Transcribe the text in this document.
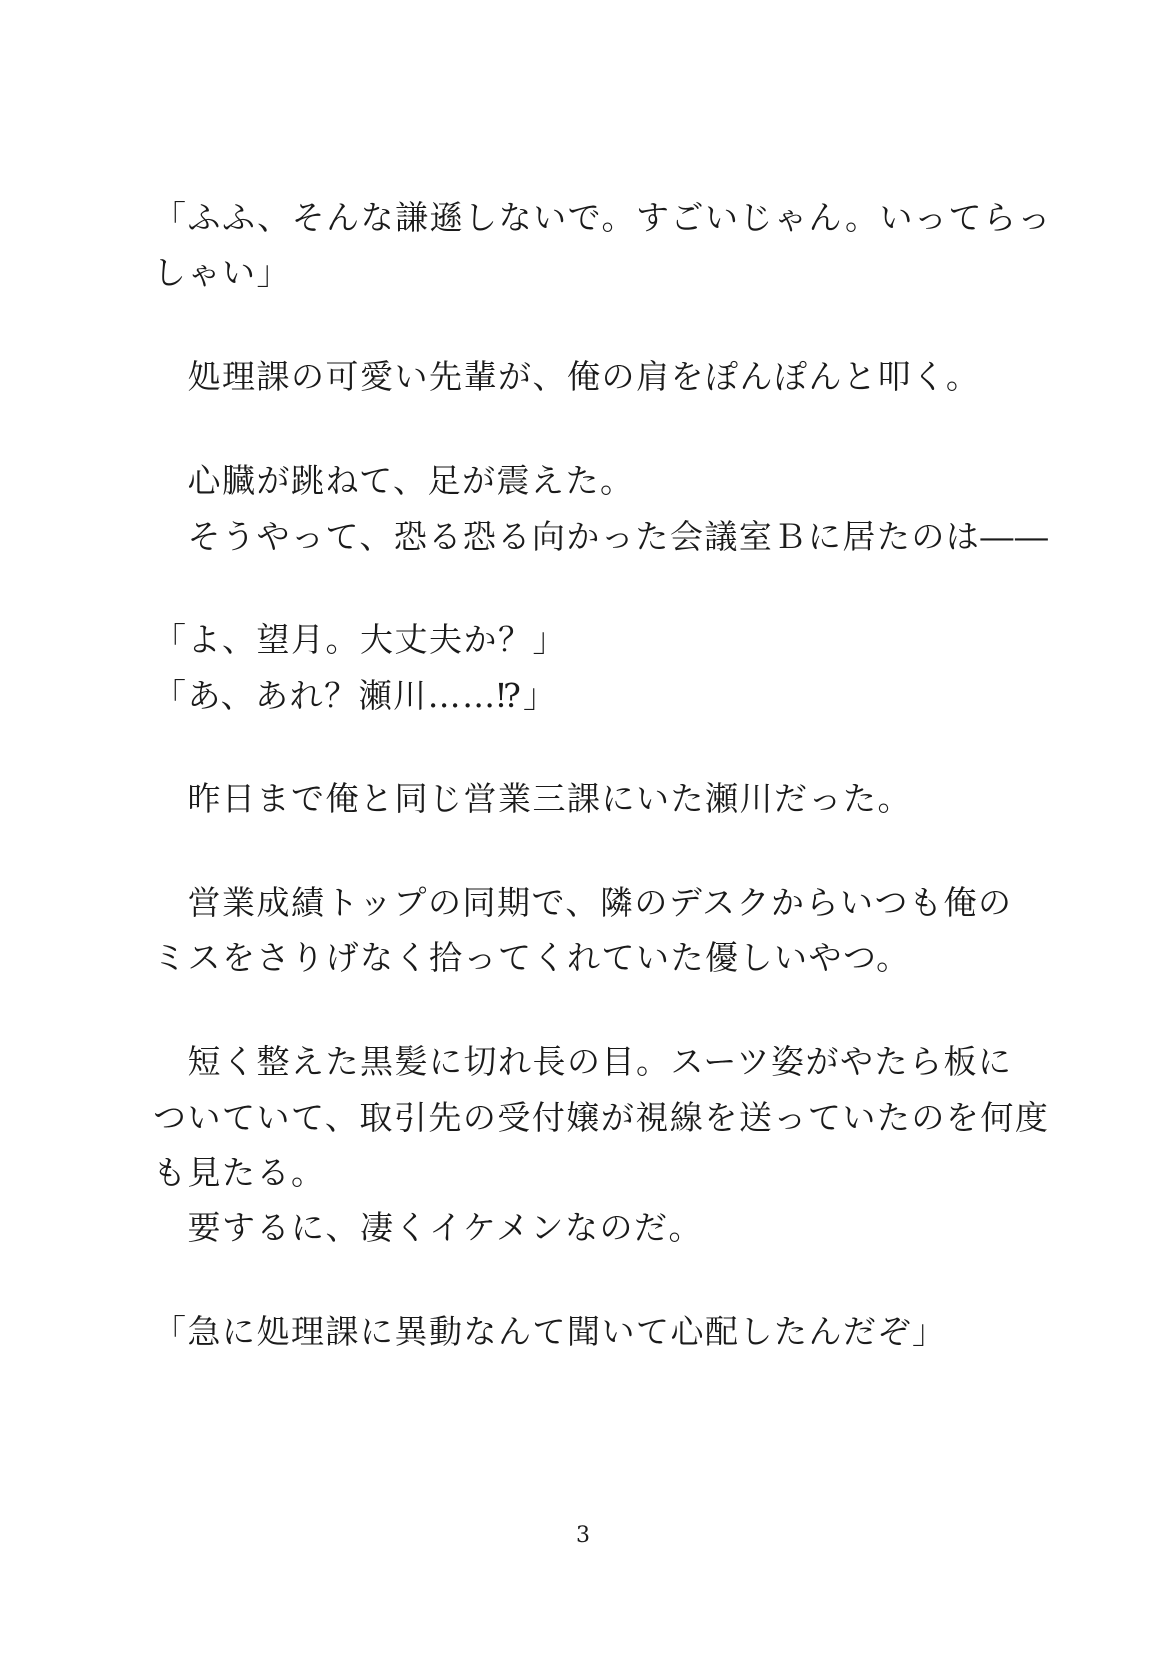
「ふふ、そんな謙遜しないで。すごいじゃん。いってらっ
しゃい」
　処理課の可愛い先輩が、俺の肩をぽんぽんと叩く。
　心臓が跳ねて、足が震えた。
　そうやって、恐る恐る向かった会議室Ｂに居たのは――
「よ、望月。大丈夫か？」
「あ、あれ？瀬川……⁉」
　昨日まで俺と同じ営業三課にいた瀬川だった。
　営業成績トップの同期で、隣のデスクからいつも俺の
ミスをさりげなく拾ってくれていた優しいやつ。
　短く整えた黒髪に切れ長の目。スーツ姿がやたら板に
ついていて、取引先の受付嬢が視線を送っていたのを何度
も見たる。
　要するに、凄くイケメンなのだ。
「急に処理課に異動なんて聞いて心配したんだぞ」
3
